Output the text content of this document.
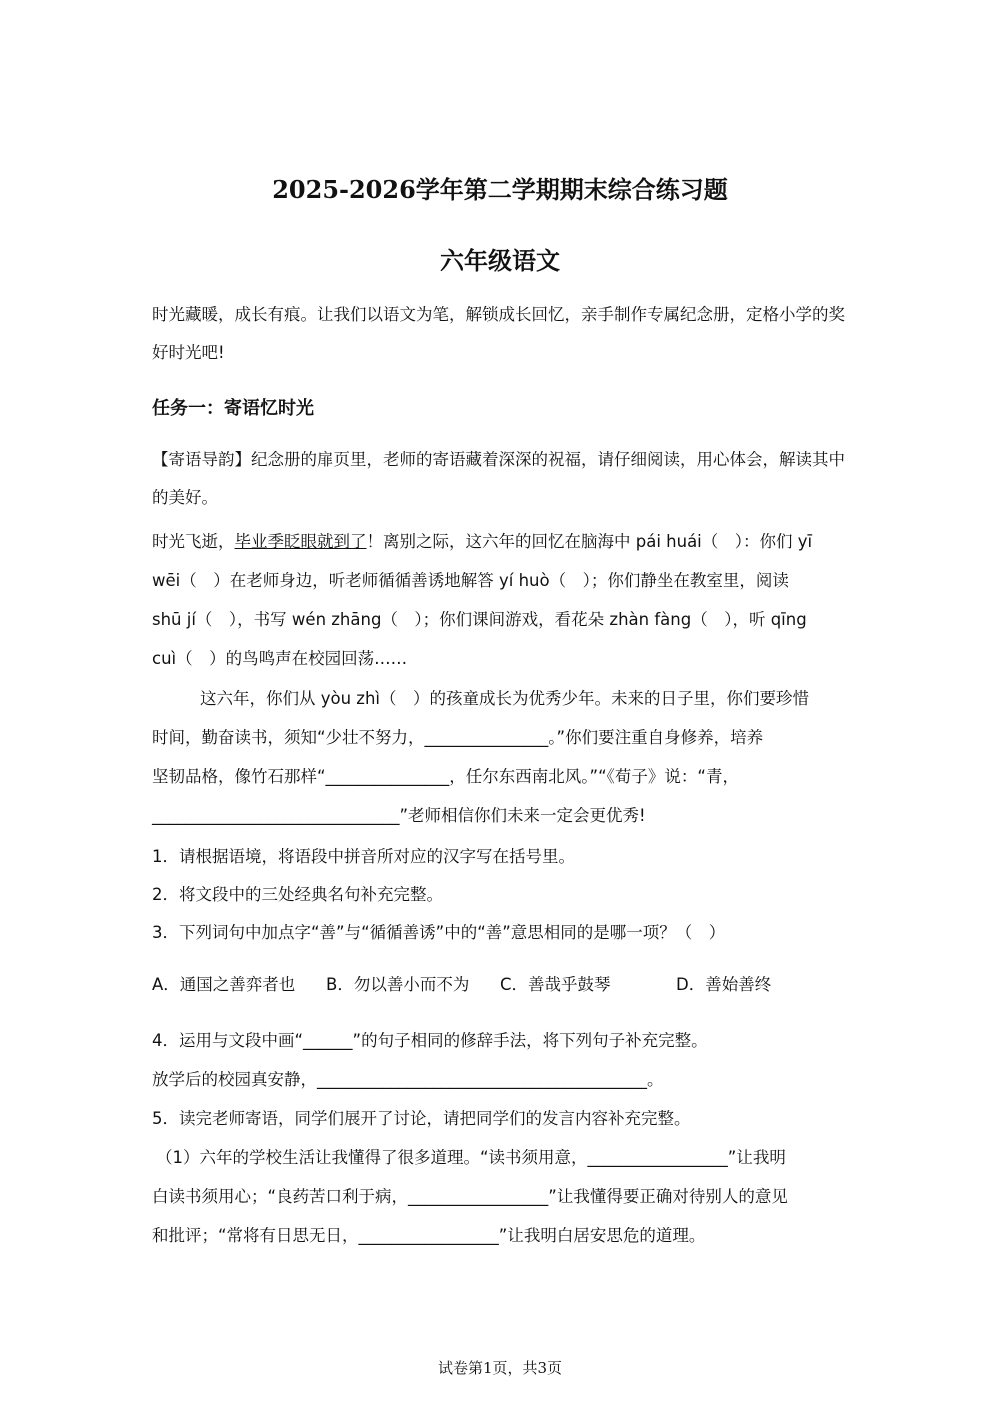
2025-2026学年第二学期期末综合练习题
六年级语文
时光藏暖，成长有痕。让我们以语文为笔，解锁成长回忆，亲手制作专属纪念册，定格小学的奖好时光吧!
任务一：寄语忆时光
【寄语导韵】纪念册的扉页里，老师的寄语藏着深深的祝福，请仔细阅读，用心体会，解读其中的美好。
时光飞逝，毕业季眨眼就到了！离别之际，这六年的回忆在脑海中 pái huái（　）：你们 yī
wēi（　）在老师身边，听老师循循善诱地解答 yí huò（　）；你们静坐在教室里，阅读
shū jí（　），书写 wén zhāng（　）；你们课间游戏，看花朵 zhàn fàng（　），听 qīng
cuì（　）的鸟鸣声在校园回荡……
这六年，你们从 yòu zhì（　）的孩童成长为优秀少年。未来的日子里，你们要珍惜
时间，勤奋读书，须知“少壮不努力，_______________。”你们要注重自身修养，培养
坚韧品格，像竹石那样“_______________，任尔东西南北风。”“《荀子》说：“青，
______________________________”老师相信你们未来一定会更优秀!
1．请根据语境，将语段中拼音所对应的汉字写在括号里。
2．将文段中的三处经典名句补充完整。
3．下列词句中加点字“善”与“循循善诱”中的“善”意思相同的是哪一项？（　）
A．通国之善弈者也 B．勿以善小而不为 C．善哉乎鼓琴	D．善始善终
4．运用与文段中画“______”的句子相同的修辞手法，将下列句子补充完整。
放学后的校园真安静，________________________________________。
5．读完老师寄语，同学们展开了讨论，请把同学们的发言内容补充完整。
（1）六年的学校生活让我懂得了很多道理。“读书须用意，_________________”让我明
白读书须用心；“良药苦口利于病，_________________”让我懂得要正确对待别人的意见
和批评；“常将有日思无日，_________________”让我明白居安思危的道理。
试卷第1页，共3页
